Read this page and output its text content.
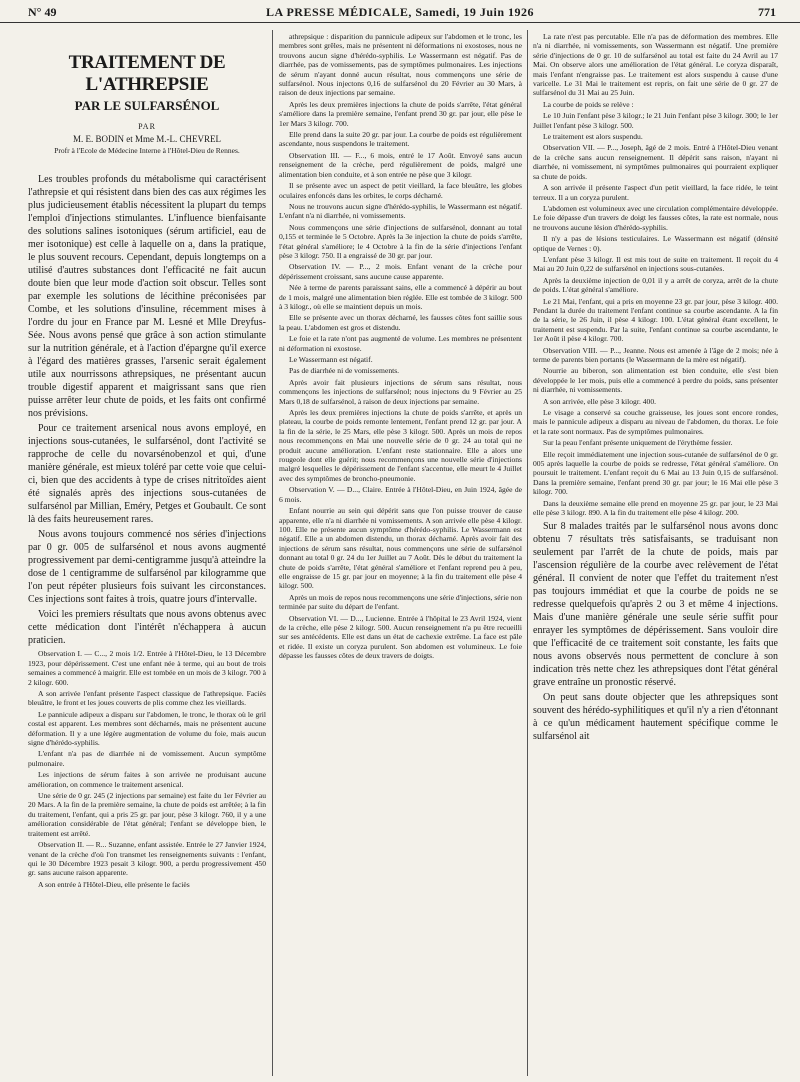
N° 49	LA PRESSE MÉDICALE, Samedi, 19 Juin 1926	771
TRAITEMENT DE L'ATHREPSIE
PAR LE SULFARSÉNOL
PAR
M. E. BODIN et Mme M.-L. CHEVREL
Profr à l'Ecole de Médecine Interne à l'Hôtel-Dieu de Rennes.

Les troubles profonds du métabolisme qui caractérisent l'athrepsie et qui résistent dans bien des cas aux régimes les plus judicieusement établis nécessitent la plupart du temps l'emploi d'injections stimulantes. L'influence bienfaisante des solutions salines isotoniques (sérum artificiel, eau de mer isotonique) est celle à laquelle on a, dans la pratique, le plus souvent recours. Cependant, depuis longtemps on a utilisé d'autres substances dont l'efficacité ne fait aucun doute bien que leur mode d'action soit obscur. Telles sont par exemple les solutions de lécithine préconisées par Combe, et les solutions d'insuline, récemment mises à l'ordre du jour en France par M. Lesné et Mlle Dreyfus-Sée. Nous avons pensé que grâce à son action stimulante sur la nutrition générale, et à l'action d'épargne qu'il exerce à l'égard des matières grasses, l'arsenic serait également utile aux nourrissons athrepsiques, ne présentant aucun trouble digestif apparent et maigrissant sans que rien puisse arrêter leur chute de poids, et les faits ont confirmé nos prévisions.

Pour ce traitement arsenical nous avons employé, en injections sous-cutanées, le sulfarsénol, dont l'activité se rapproche de celle du novarsénobenzol et qui, d'une manière générale, est mieux toléré par cette voie que celui-ci, bien que des accidents à type de crises nitritoïdes aient été signalés après des injections sous-cutanées de sulfarsénol par Millian, Eméry, Petges et Goubault. Ce sont là des faits heureusement rares.

Nous avons toujours commencé nos séries d'injections par 0 gr. 005 de sulfarsénol et nous avons augmenté progressivement par demi-centigramme jusqu'à atteindre la dose de 1 centigramme de sulfarsénol par kilogramme que l'on peut répéter plusieurs fois suivant les circonstances. Ces injections sont faites à trois, quatre jours d'intervalle.

Voici les premiers résultats que nous avons obtenus avec cette médication dont l'intérêt n'échappera à aucun praticien.

Observation I. — C..., 2 mois 1/2. Entrée à l'Hôtel-Dieu, le 13 Décembre 1923, pour dépérissement. C'est une enfant née à terme, qui au bout de trois semaines a commencé à maigrir. Elle est tombée en un mois de 3 kilogr. 700 à 2 kilogr. 600.

A son arrivée l'enfant présente l'aspect classique de l'athrepsique. Faciès bleuâtre, le front et les joues couverts de plis comme chez les vieillards.

Le pannicule adipeux a disparu sur l'abdomen, le tronc, le thorax où le gril costal est apparent. Les membres sont décharnés, mais ne présentent aucune déformation. Il y a une légère augmentation de volume du foie, mais aucun signe d'hérédo-syphilis.

L'enfant n'a pas de diarrhée ni de vomissement. Aucun symptôme pulmonaire.

Les injections de sérum faites à son arrivée ne produisant aucune amélioration, on commence le traitement arsenical.

Une série de 0 gr. 245 (2 injections par semaine) est faite du 1er Février au 20 Mars. A la fin de la première semaine, la chute de poids est arrêtée; à la fin du traitement, l'enfant, qui a pris 25 gr. par jour, pèse 3 kilogr. 760, il y a une amélioration considérable de l'état général; l'enfant se développe bien, le traitement est arrêté.

Observation II. — R... Suzanne, enfant assistée. Entrée le 27 Janvier 1924, venant de la crèche d'où l'on transmet les renseignements suivants : l'enfant, qui le 30 Décembre 1923 pesait 3 kilogr. 900, a perdu progressivement 450 gr. sans aucune raison apparente.

A son entrée à l'Hôtel-Dieu, elle présente le faciès

athrepsique : disparition du pannicule adipeux sur l'abdomen et le tronc, les membres sont grêles, mais ne présentent ni déformations ni exostoses, nous ne trouvons aucun signe d'hérédo-syphilis. Le Wassermann est négatif. Pas de diarrhée, pas de vomissements, pas de symptômes pulmonaires. Les injections de sérum n'ayant donné aucun résultat, nous commençons une série de sulfarsénol. Nous injectons 0,16 de sulfarsénol du 20 Février au 30 Mars, à raison de deux injections par semaine.

Après les deux premières injections la chute de poids s'arrête, l'état général s'améliore dans la première semaine, l'enfant prend 30 gr. par jour, elle pèse le 1er Mars 3 kilogr. 700.

Elle prend dans la suite 20 gr. par jour. La courbe de poids est régulièrement ascendante, nous suspendons le traitement.

Observation III. — F..., 6 mois, entré le 17 Août. Envoyé sans aucun renseignement de la crèche, perd régulièrement de poids, malgré une alimentation bien conduite, et à son entrée ne pèse que 3 kilogr.

Il se présente avec un aspect de petit vieillard, la face bleuâtre, les globes oculaires enfoncés dans les orbites, le corps décharné.

Nous ne trouvons aucun signe d'hérédo-syphilis, le Wassermann est négatif. L'enfant n'a ni diarrhée, ni vomissements.

Nous commençons une série d'injections de sulfarsénol, donnant au total 0,155 et terminée le 5 Octobre. Après la 3e injection la chute de poids s'arrête, l'état général s'améliore; le 4 Octobre à la fin de la série d'injections l'enfant pèse 3 kilogr. 750. Il a engraissé de 30 gr. par jour.

Observation IV. — P..., 2 mois. Enfant venant de la crèche pour dépérissement croissant, sans aucune cause apparente.

Née à terme de parents paraissant sains, elle a commencé à dépérir au bout de 1 mois, malgré une alimentation bien réglée. Elle est tombée de 3 kilogr. 500 à 3 kilogr., où elle se maintient depuis un mois.

Elle se présente avec un thorax décharné, les fausses côtes font saillie sous la peau. L'abdomen est gros et distendu.

Le foie et la rate n'ont pas augmenté de volume. Les membres ne présentent ni déformation ni exostose.

Le Wassermann est négatif.

Pas de diarrhée ni de vomissements.

Après avoir fait plusieurs injections de sérum sans résultat, nous commençons les injections de sulfarsénol; nous injectons du 9 Février au 25 Mars 0,18 de sulfarsénol, à raison de deux injections par semaine.

Après les deux premières injections la chute de poids s'arrête, et après un plateau, la courbe de poids remonte lentement, l'enfant prend 12 gr. par jour. A la fin de la série, le 25 Mars, elle pèse 3 kilogr. 500. Après un mois de repos nous recommençons en Mai une nouvelle série de 0 gr. 24 au total qui ne produit aucune amélioration. L'enfant reste stationnaire. Elle a alors une rougeole dont elle guérit; nous recommençons une nouvelle série d'injections malgré lesquelles le dépérissement de l'enfant s'accentue, elle meurt le 4 Juillet avec des symptômes de broncho-pneumonie.

Observation V. — D..., Claire. Entrée à l'Hôtel-Dieu, en Juin 1924, âgée de 6 mois.

Enfant nourrie au sein qui dépérit sans que l'on puisse trouver de cause apparente, elle n'a ni diarrhée ni vomissements. A son arrivée elle pèse 4 kilogr. 100. Elle ne présente aucun symptôme d'hérédo-syphilis. Le Wassermann est négatif. Elle a un abdomen distendu, un thorax décharné. Après avoir fait des injections de sérum sans résultat, nous commençons une série de sulfarsénol donnant au total 0 gr. 24 du 1er Juillet au 7 Août. Dès le début du traitement la chute de poids s'arrête, l'état général s'améliore et l'enfant reprend peu à peu, elle engraisse de 15 gr. par jour en moyenne; à la fin du traitement elle pèse 4 kilogr. 500.

Après un mois de repos nous recommençons une série d'injections, série non terminée par suite du départ de l'enfant.

Observation VI. — D..., Lucienne. Entrée à l'hôpital le 23 Avril 1924, vient de la crèche, elle pèse 2 kilogr. 500. Aucun renseignement n'a pu être recueilli sur ses antécédents. Elle est dans un état de cachexie extrême. La face est pâle et ridée. Il existe un coryza purulent. Son abdomen est volumineux. Le foie dépasse les fausses côtes de deux travers de doigts.

La rate n'est pas percutable. Elle n'a pas de déformation des membres. Elle n'a ni diarrhée, ni vomissements, son Wassermann est négatif. Une première série d'injections de 0 gr. 10 de sulfarsénol au total est faite du 24 Avril au 17 Mai. On observe alors une amélioration de l'état général. Le coryza disparaît, mais l'enfant n'engraisse pas. Le traitement est alors suspendu à cause d'une varicelle. Le 31 Mai le traitement est repris, on fait une série de 0 gr. 27 de sulfarsénol du 31 Mai au 25 Juin.

La courbe de poids se relève :

Le 10 Juin l'enfant pèse 3 kilogr.; le 21 Juin l'enfant pèse 3 kilogr. 300; le 1er Juillet l'enfant pèse 3 kilogr. 500.

Le traitement est alors suspendu.

Observation VII. — P..., Joseph, âgé de 2 mois. Entré à l'Hôtel-Dieu venant de la crèche sans aucun renseignement. Il dépérit sans raison, n'ayant ni diarrhée, ni vomissement, ni symptômes pulmonaires qui pourraient expliquer sa chute de poids.

A son arrivée il présente l'aspect d'un petit vieillard, la face ridée, le teint terreux. Il a un coryza purulent.

L'abdomen est volumineux avec une circulation complémentaire développée. Le foie dépasse d'un travers de doigt les fausses côtes, la rate est normale, nous ne trouvons aucune lésion d'hérédo-syphilis.

Il n'y a pas de lésions testiculaires. Le Wassermann est négatif (dénsité optique de Vernes : 0).

L'enfant pèse 3 kilogr. Il est mis tout de suite en traitement. Il reçoit du 4 Mai au 20 Juin 0,22 de sulfarsénol en injections sous-cutanées.

Après la deuxième injection de 0,01 il y a arrêt de coryza, arrêt de la chute de poids. L'état général s'améliore.

Le 21 Mai, l'enfant, qui a pris en moyenne 23 gr. par jour, pèse 3 kilogr. 400. Pendant la durée du traitement l'enfant continue sa courbe ascendante. A la fin de la série, le 26 Juin, il pèse 4 kilogr. 100. L'état général étant excellent, le traitement est suspendu. Par la suite, l'enfant continue sa courbe ascendante, le 1er Août il pèse 4 kilogr. 700.

Observation VIII. — P..., Jeanne. Nous est amenée à l'âge de 2 mois; née à terme de parents bien portants (le Wassermann de la mère est négatif).

Nourrie au biberon, son alimentation est bien conduite, elle s'est bien développée le 1er mois, puis elle a commencé à perdre du poids, sans présenter ni diarrhée, ni vomissements.

A son arrivée, elle pèse 3 kilogr. 400.

Le visage a conservé sa couche graisseuse, les joues sont encore rondes, mais le pannicule adipeux a disparu au niveau de l'abdomen, du thorax. Le foie et la rate sont normaux. Pas de symptômes pulmonaires.

Sur la peau l'enfant présente uniquement de l'érythème fessier.

Elle reçoit immédiatement une injection sous-cutanée de sulfarsénol de 0 gr. 005 après laquelle la courbe de poids se redresse, l'état général s'améliore. On poursuit le traitement. L'enfant reçoit du 6 Mai au 13 Juin 0,15 de sulfarsénol. Dans la première semaine, l'enfant prend 30 gr. par jour; le 16 Mai elle pèse 3 kilogr. 700.

Dans la deuxième semaine elle prend en moyenne 25 gr. par jour, le 23 Mai elle pèse 3 kilogr. 890. A la fin du traitement elle pèse 4 kilogr. 200.

Sur 8 malades traités par le sulfarsénol nous avons donc obtenu 7 résultats très satisfaisants, se traduisant non seulement par l'arrêt de la chute de poids, mais par l'ascension régulière de la courbe avec relèvement de l'état général. Il convient de noter que l'effet du traitement n'est pas toujours immédiat et que la courbe de poids ne se redresse quelquefois qu'après 2 ou 3 et même 4 injections. Mais d'une manière générale une seule série suffit pour enrayer les symptômes de dépérissement. Sans vouloir dire que l'efficacité de ce traitement soit constante, les faits que nous avons observés nous permettent de conclure à son indication très nette chez les athrepsiques dont l'état général grave entraîne un pronostic réservé.

On peut sans doute objecter que les athrepsiques sont souvent des hérédo-syphilitiques et qu'il n'y a rien d'étonnant à ce qu'un médicament hautement spécifique comme le sulfarsénol ait
